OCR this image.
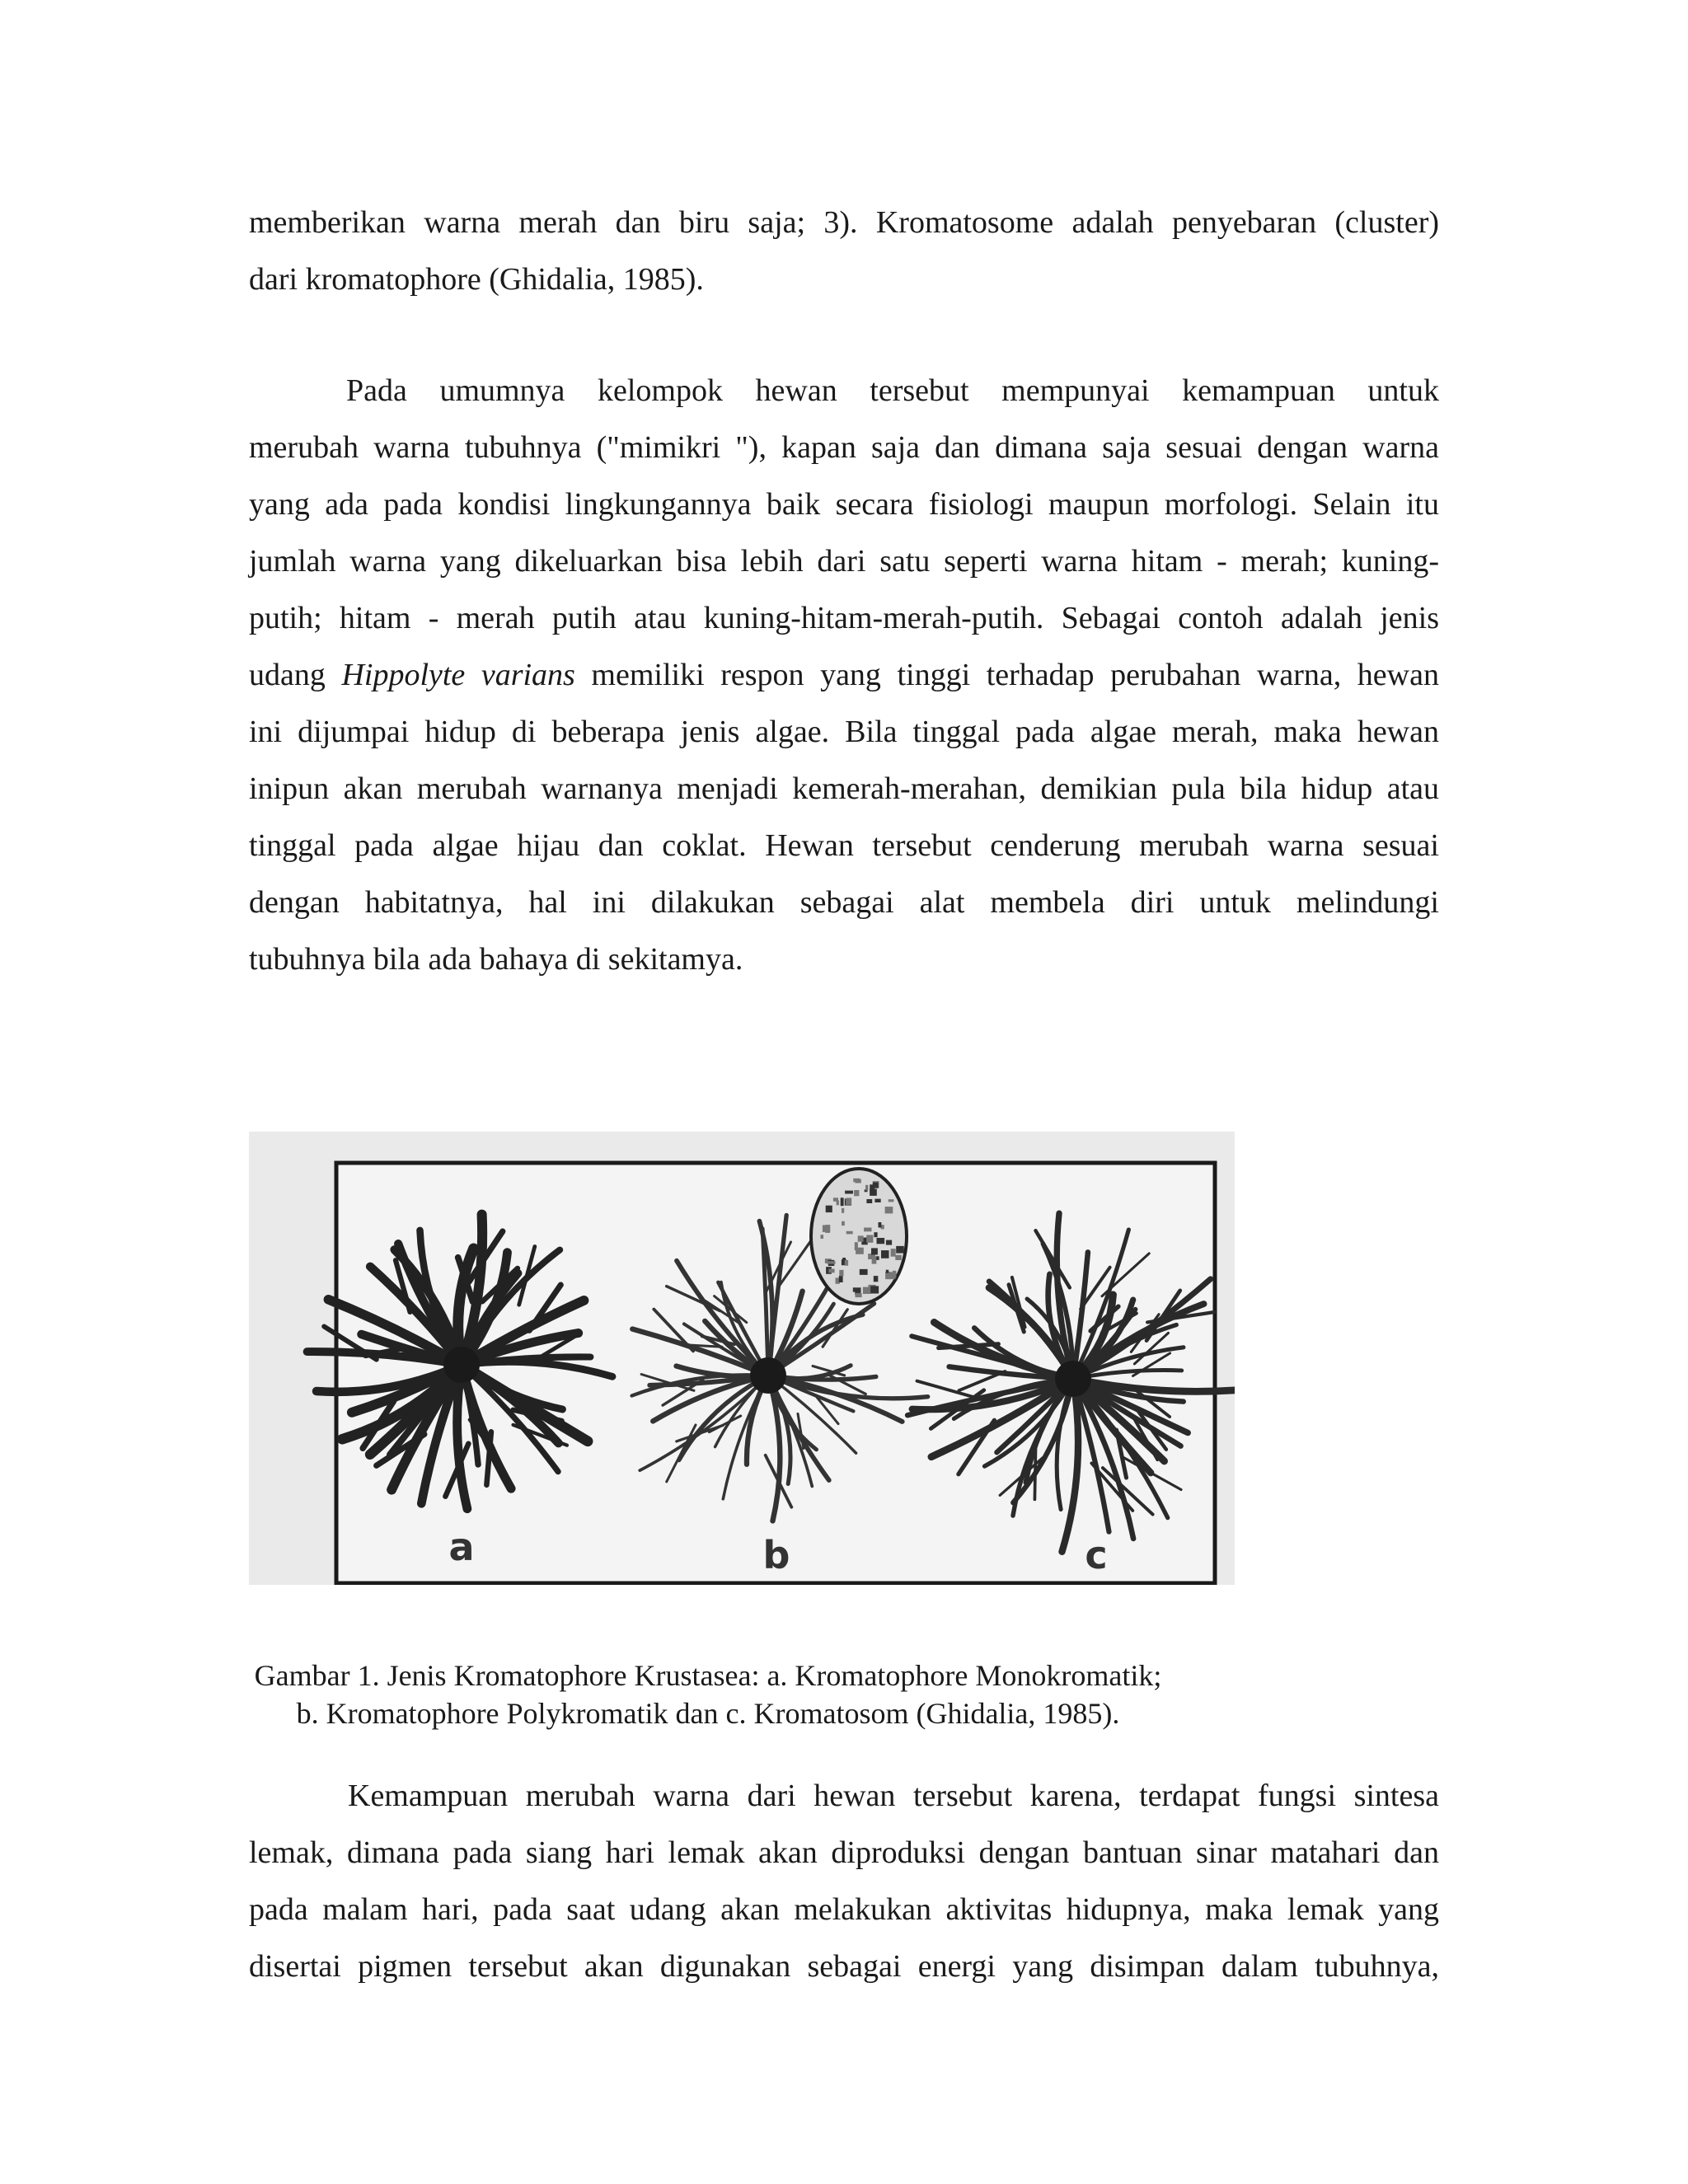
memberikan warna merah dan biru saja; 3). Kromatosome adalah penyebaran (cluster)
dari kromatophore (Ghidalia, 1985).

Pada umumnya kelompok hewan tersebut mempunyai kemampuan untuk
merubah warna tubuhnya ("mimikri "), kapan saja dan dimana saja sesuai dengan warna
yang ada pada kondisi lingkungannya baik secara fisiologi maupun morfologi. Selain itu
jumlah warna yang dikeluarkan bisa lebih dari satu seperti warna hitam - merah; kuning-
putih; hitam - merah putih atau kuning-hitam-merah-putih. Sebagai contoh adalah jenis
udang Hippolyte varians memiliki respon yang tinggi terhadap perubahan warna, hewan
ini dijumpai hidup di beberapa jenis algae. Bila tinggal pada algae merah, maka hewan
inipun akan merubah warnanya menjadi kemerah-merahan, demikian pula bila hidup atau
tinggal pada algae hijau dan coklat. Hewan tersebut cenderung merubah warna sesuai
dengan habitatnya, hal ini dilakukan sebagai alat membela diri untuk melindungi
tubuhnya bila ada bahaya di sekitamya.

a	b	c
Gambar 1. Jenis Kromatophore Krustasea: a. Kromatophore Monokromatik;
b. Kromatophore Polykromatik dan c. Kromatosom (Ghidalia, 1985).

Kemampuan merubah warna dari hewan tersebut karena, terdapat fungsi sintesa
lemak, dimana pada siang hari lemak akan diproduksi dengan bantuan sinar matahari dan
pada malam hari, pada saat udang akan melakukan aktivitas hidupnya, maka lemak yang
disertai pigmen tersebut akan digunakan sebagai energi yang disimpan dalam tubuhnya,
